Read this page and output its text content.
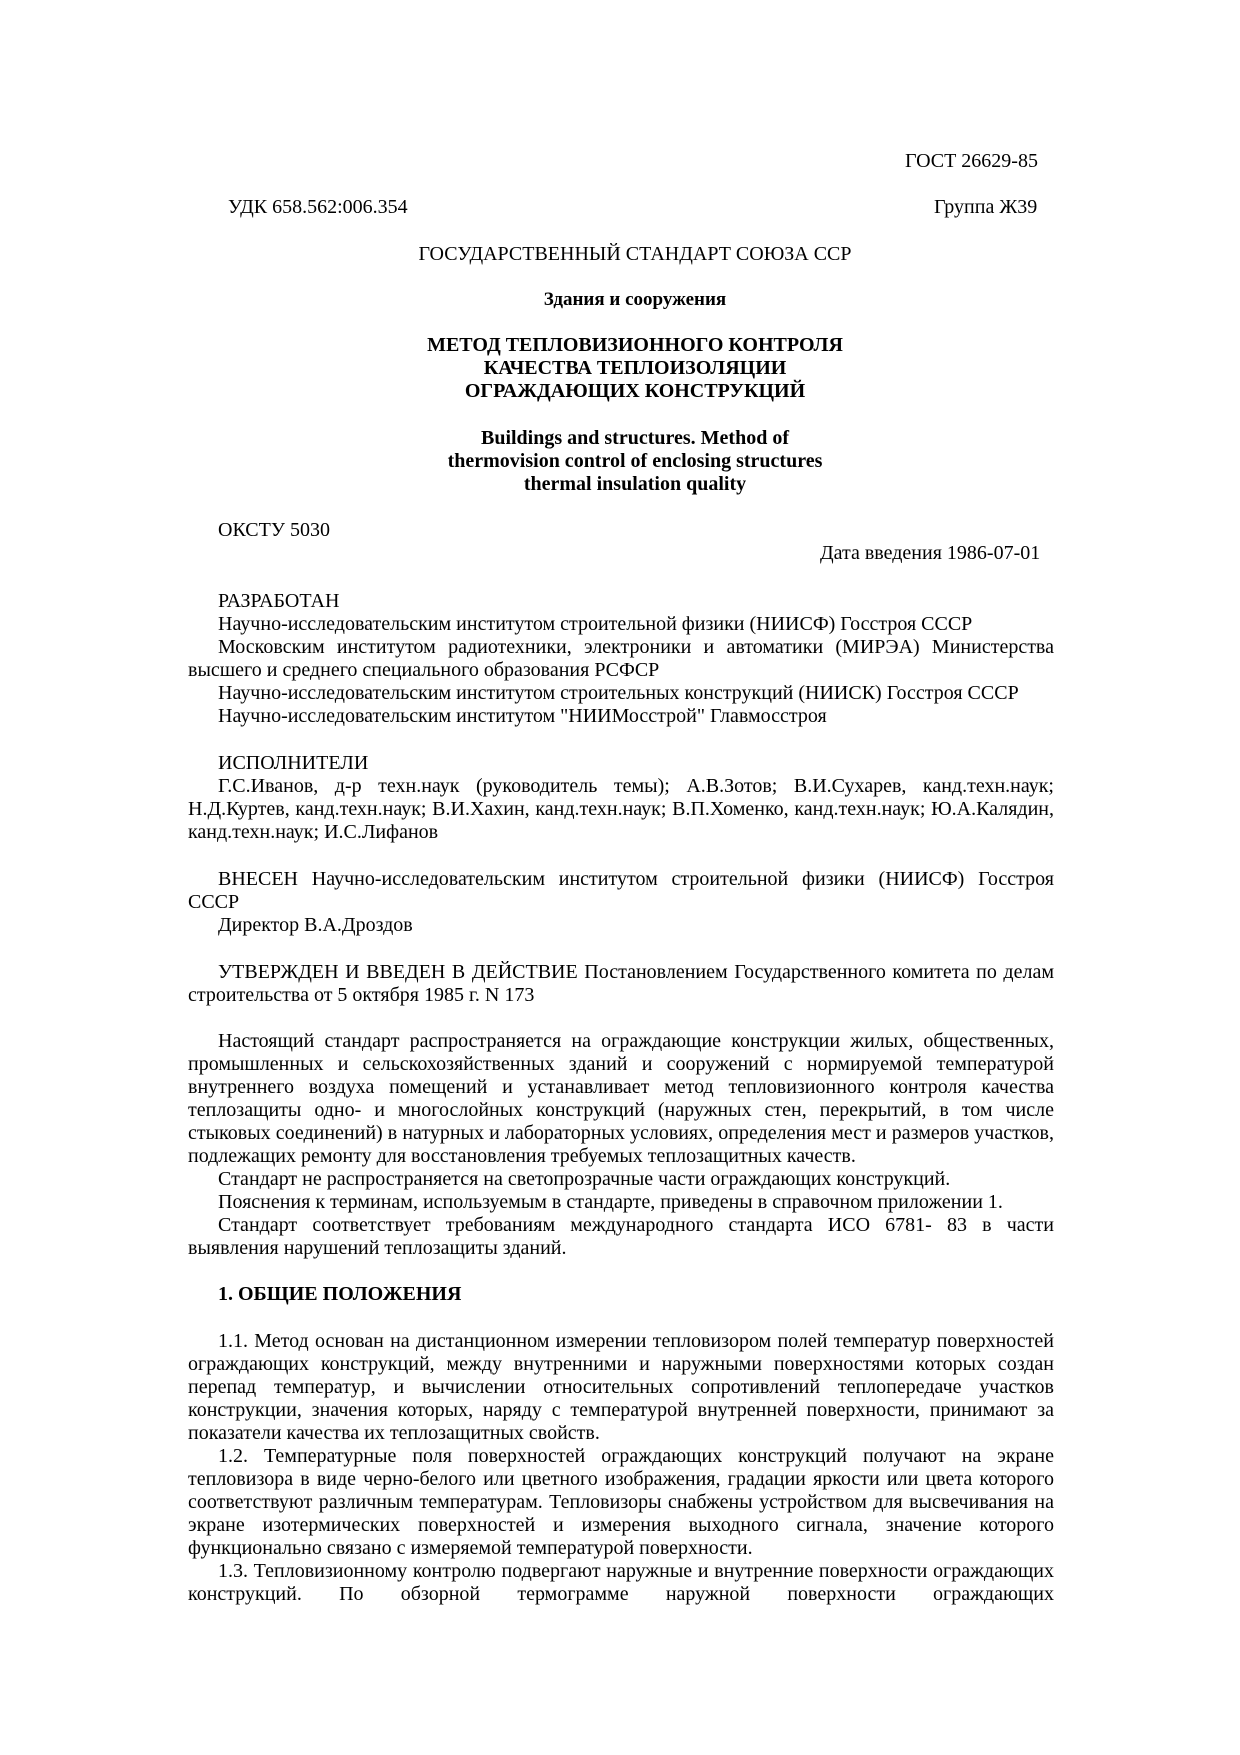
ГОСТ 26629-85
УДК 658.562:006.354	Группа Ж39
ГОСУДАРСТВЕННЫЙ СТАНДАРТ СОЮЗА ССР
Здания и сооружения
МЕТОД ТЕПЛОВИЗИОННОГО КОНТРОЛЯ
КАЧЕСТВА ТЕПЛОИЗОЛЯЦИИ
ОГРАЖДАЮЩИХ КОНСТРУКЦИЙ
Buildings and structures. Method of
thermovision control of enclosing structures
thermal insulation quality
ОКСТУ 5030
Дата введения 1986-07-01
РАЗРАБОТАН
Научно-исследовательским институтом строительной физики (НИИСФ) Госстроя СССР
Московским институтом радиотехники, электроники и автоматики (МИРЭА) Министерства высшего и среднего специального образования РСФСР
Научно-исследовательским институтом строительных конструкций (НИИСК) Госстроя СССР
Научно-исследовательским институтом "НИИМосстрой" Главмосстроя
ИСПОЛНИТЕЛИ
Г.С.Иванов, д-р техн.наук (руководитель темы); А.В.Зотов; В.И.Сухарев, канд.техн.наук; Н.Д.Куртев, канд.техн.наук; В.И.Хахин, канд.техн.наук; В.П.Хоменко, канд.техн.наук; Ю.А.Калядин, канд.техн.наук; И.С.Лифанов
ВНЕСЕН Научно-исследовательским институтом строительной физики (НИИСФ) Госстроя СССР
Директор В.А.Дроздов
УТВЕРЖДЕН И ВВЕДЕН В ДЕЙСТВИЕ Постановлением Государственного комитета по делам строительства от 5 октября 1985 г. N 173
Настоящий стандарт распространяется на ограждающие конструкции жилых, общественных, промышленных и сельскохозяйственных зданий и сооружений с нормируемой температурой внутреннего воздуха помещений и устанавливает метод тепловизионного контроля качества теплозащиты одно- и многослойных конструкций (наружных стен, перекрытий, в том числе стыковых соединений) в натурных и лабораторных условиях, определения мест и размеров участков, подлежащих ремонту для восстановления требуемых теплозащитных качеств.
Стандарт не распространяется на светопрозрачные части ограждающих конструкций.
Пояснения к терминам, используемым в стандарте, приведены в справочном приложении 1.
Стандарт соответствует требованиям международного стандарта ИСО 6781- 83 в части выявления нарушений теплозащиты зданий.
1. ОБЩИЕ ПОЛОЖЕНИЯ
1.1. Метод основан на дистанционном измерении тепловизором полей температур поверхностей ограждающих конструкций, между внутренними и наружными поверхностями которых создан перепад температур, и вычислении относительных сопротивлений теплопередаче участков конструкции, значения которых, наряду с температурой внутренней поверхности, принимают за показатели качества их теплозащитных свойств.
1.2. Температурные поля поверхностей ограждающих конструкций получают на экране тепловизора в виде черно-белого или цветного изображения, градации яркости или цвета которого соответствуют различным температурам. Тепловизоры снабжены устройством для высвечивания на экране изотермических поверхностей и измерения выходного сигнала, значение которого функционально связано с измеряемой температурой поверхности.
1.3. Тепловизионному контролю подвергают наружные и внутренние поверхности ограждающих конструкций. По обзорной термограмме наружной поверхности ограждающих
